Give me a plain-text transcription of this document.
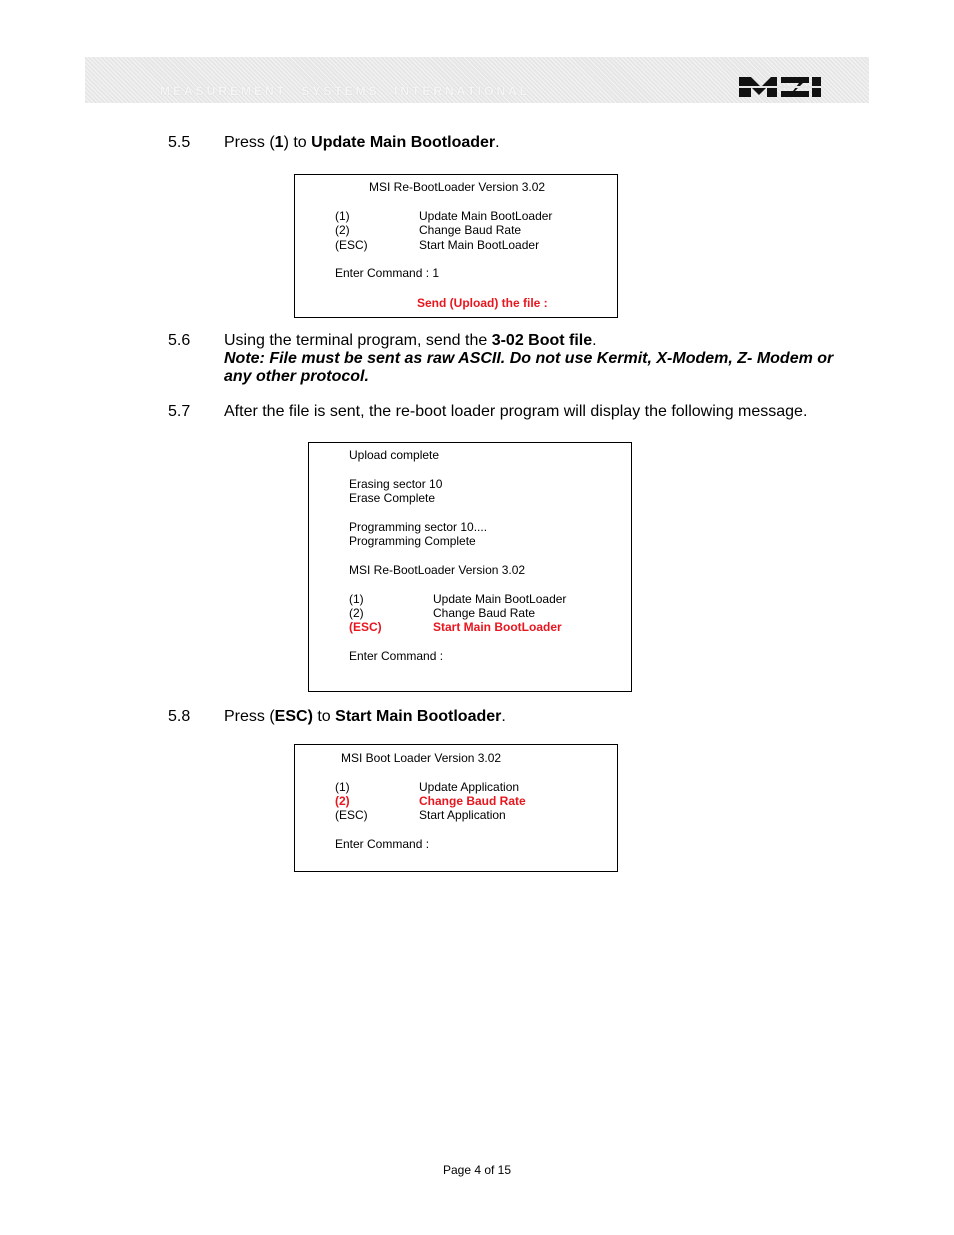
MEASUREMENT SYSTEMS INTERNATIONAL
5.5 Press (1) to Update Main Bootloader.
MSI Re-BootLoader Version 3.02
(1)	Update Main BootLoader
(2)	Change Baud Rate
(ESC)	Start Main BootLoader
Enter Command : 1
Send (Upload) the file :
5.6 Using the terminal program, send the 3-02 Boot file.
Note: File must be sent as raw ASCII. Do not use Kermit, X-Modem, Z- Modem or any other protocol.
5.7 After the file is sent, the re-boot loader program will display the following message.
Upload complete
Erasing sector 10
Erase Complete
Programming sector 10....
Programming Complete
MSI Re-BootLoader Version 3.02
(1)	Update Main BootLoader
(2)	Change Baud Rate
(ESC)	Start Main BootLoader
Enter Command :
5.8 Press (ESC) to Start Main Bootloader.
MSI Boot Loader Version 3.02
(1)	Update Application
(2)	Change Baud Rate
(ESC)	Start Application
Enter Command :
Page 4 of 15
